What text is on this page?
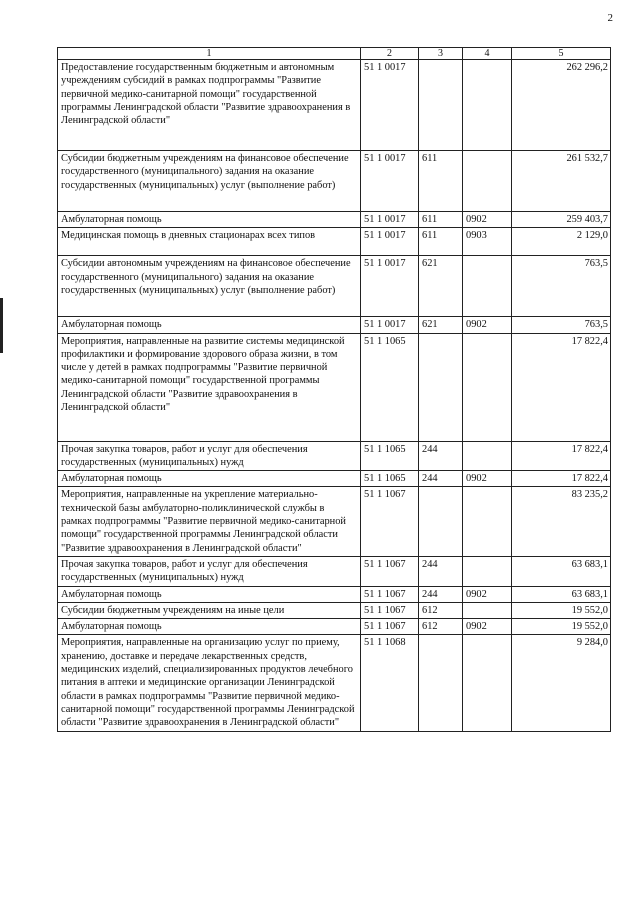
2
1	2	3	4	5
Предоставление государственным бюджетным и автономным учреждениям субсидий в рамках подпрограммы "Развитие первичной медико-санитарной помощи" государственной программы Ленинградской области "Развитие здравоохранения в Ленинградской области"	51 1 0017			262 296,2
Субсидии бюджетным учреждениям на финансовое обеспечение государственного (муниципального) задания на оказание государственных (муниципальных) услуг (выполнение работ)	51 1 0017	611		261 532,7
Амбулаторная помощь	51 1 0017	611	0902	259 403,7
Медицинская помощь в дневных стационарах всех типов	51 1 0017	611	0903	2 129,0
Субсидии автономным учреждениям на финансовое обеспечение государственного (муниципального) задания на оказание государственных (муниципальных) услуг (выполнение работ)	51 1 0017	621		763,5
Амбулаторная помощь	51 1 0017	621	0902	763,5
Мероприятия, направленные на развитие системы медицинской профилактики и формирование здорового образа жизни, в том числе у детей в рамках подпрограммы "Развитие первичной медико-санитарной помощи" государственной программы Ленинградской области "Развитие здравоохранения в Ленинградской области"	51 1 1065			17 822,4
Прочая закупка товаров, работ и услуг для обеспечения государственных (муниципальных) нужд	51 1 1065	244		17 822,4
Амбулаторная помощь	51 1 1065	244	0902	17 822,4
Мероприятия, направленные на укрепление материально-технической базы амбулаторно-поликлинической службы в рамках подпрограммы "Развитие первичной медико-санитарной помощи" государственной программы Ленинградской области "Развитие здравоохранения в Ленинградской области"	51 1 1067			83 235,2
Прочая закупка товаров, работ и услуг для обеспечения государственных (муниципальных) нужд	51 1 1067	244		63 683,1
Амбулаторная помощь	51 1 1067	244	0902	63 683,1
Субсидии бюджетным учреждениям на иные цели	51 1 1067	612		19 552,0
Амбулаторная помощь	51 1 1067	612	0902	19 552,0
Мероприятия, направленные на организацию услуг по приему, хранению, доставке и передаче лекарственных средств, медицинских изделий, специализированных продуктов лечебного питания в аптеки и медицинские организации Ленинградской области в рамках подпрограммы "Развитие первичной медико-санитарной помощи" государственной программы Ленинградской области "Развитие здравоохранения в Ленинградской области"	51 1 1068			9 284,0
